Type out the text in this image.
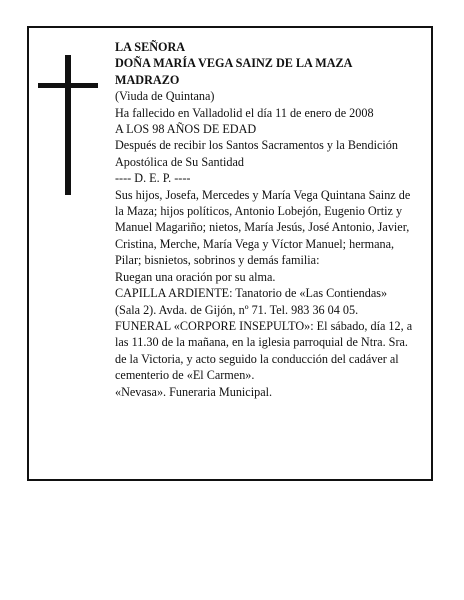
LA SEÑORA

DOÑA MARÍA VEGA SAINZ DE LA MAZA

MADRAZO

(Viuda de Quintana)

Ha fallecido en Valladolid el día 11 de enero de 2008

A LOS 98 AÑOS DE EDAD

Después de recibir los Santos Sacramentos y la Bendición Apostólica de Su Santidad

---- D. E. P. ----

Sus hijos, Josefa, Mercedes y María Vega Quintana Sainz de la Maza; hijos políticos, Antonio Lobejón, Eugenio Ortiz y Manuel Magariño; nietos, María Jesús, José Antonio, Javier, Cristina, Merche, María Vega y Víctor Manuel; hermana, Pilar; bisnietos, sobrinos y demás familia:

Ruegan una oración por su alma.

CAPILLA ARDIENTE: Tanatorio de «Las Contiendas» (Sala 2). Avda. de Gijón, nº 71. Tel. 983 36 04 05.

FUNERAL «CORPORE INSEPULTO»: El sábado, día 12, a las 11.30 de la mañana, en la iglesia parroquial de Ntra. Sra. de la Victoria, y acto seguido la conducción del cadáver al cementerio de «El Carmen».

«Nevasa». Funeraria Municipal.
